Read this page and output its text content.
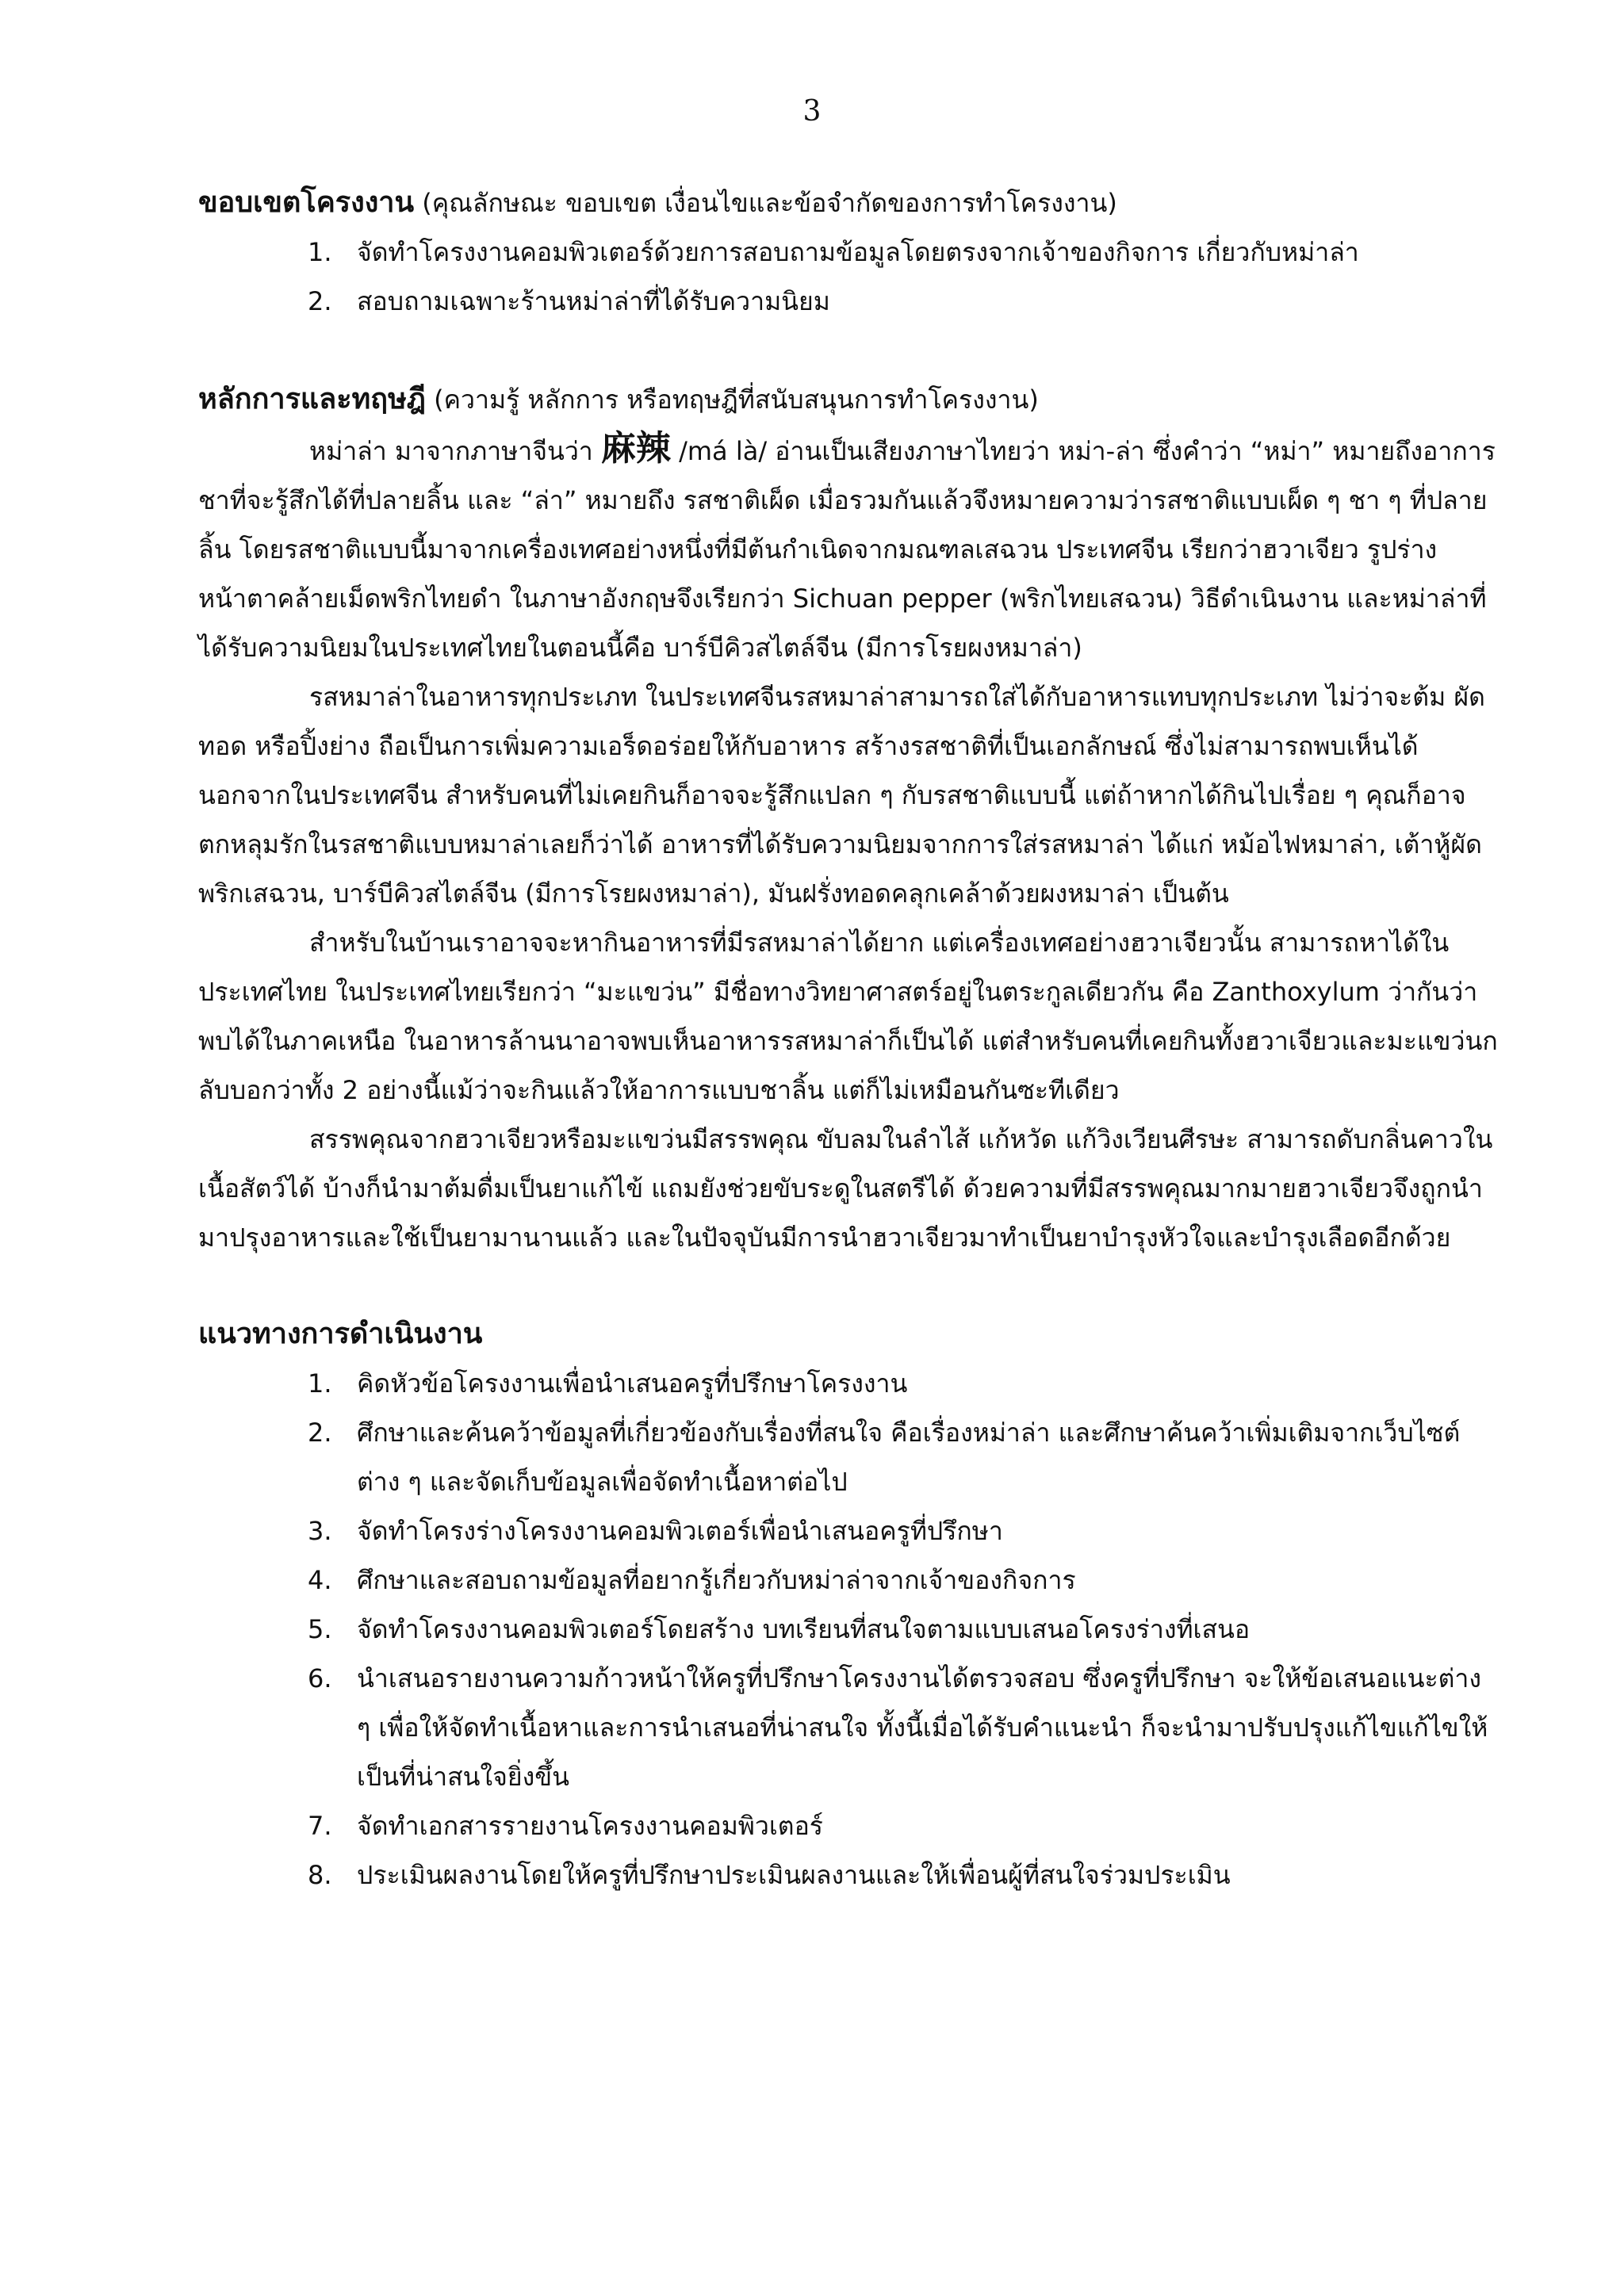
3

ขอบเขตโครงงาน (คุณลักษณะ ขอบเขต เงื่อนไขและข้อจำกัดของการทำโครงงาน)

1. จัดทำโครงงานคอมพิวเตอร์ด้วยการสอบถามข้อมูลโดยตรงจากเจ้าของกิจการ เกี่ยวกับหม่าล่า
2. สอบถามเฉพาะร้านหม่าล่าที่ได้รับความนิยม

หลักการและทฤษฎี (ความรู้ หลักการ หรือทฤษฎีที่สนับสนุนการทำโครงงาน)

หม่าล่า มาจากภาษาจีนว่า 麻辣 /má là/ อ่านเป็นเสียงภาษาไทยว่า หม่า-ล่า ซึ่งคำว่า “หม่า” หมายถึงอาการชาที่จะรู้สึกได้ที่ปลายลิ้น และ “ล่า” หมายถึง รสชาติเผ็ด เมื่อรวมกันแล้วจึงหมายความว่ารสชาติแบบเผ็ด ๆ ชา ๆ ที่ปลายลิ้น โดยรสชาติแบบนี้มาจากเครื่องเทศอย่างหนึ่งที่มีต้นกำเนิดจากมณฑลเสฉวน ประเทศจีน เรียกว่าฮวาเจียว รูปร่างหน้าตาคล้ายเม็ดพริกไทยดำ ในภาษาอังกฤษจึงเรียกว่า Sichuan pepper (พริกไทยเสฉวน) วิธีดำเนินงาน และหม่าล่าที่ได้รับความนิยมในประเทศไทยในตอนนี้คือ บาร์บีคิวสไตล์จีน (มีการโรยผงหมาล่า)

รสหมาล่าในอาหารทุกประเภท ในประเทศจีนรสหมาล่าสามารถใส่ได้กับอาหารแทบทุกประเภท ไม่ว่าจะต้ม ผัด ทอด หรือปิ้งย่าง ถือเป็นการเพิ่มความเอร็ดอร่อยให้กับอาหาร สร้างรสชาติที่เป็นเอกลักษณ์ ซึ่งไม่สามารถพบเห็นได้นอกจากในประเทศจีน สำหรับคนที่ไม่เคยกินก็อาจจะรู้สึกแปลก ๆ กับรสชาติแบบนี้ แต่ถ้าหากได้กินไปเรื่อย ๆ คุณก็อาจตกหลุมรักในรสชาติแบบหมาล่าเลยก็ว่าได้ อาหารที่ได้รับความนิยมจากการใส่รสหมาล่า ได้แก่ หม้อไฟหมาล่า, เต้าหู้ผัดพริกเสฉวน, บาร์บีคิวสไตล์จีน (มีการโรยผงหมาล่า), มันฝรั่งทอดคลุกเคล้าด้วยผงหมาล่า เป็นต้น

สำหรับในบ้านเราอาจจะหากินอาหารที่มีรสหมาล่าได้ยาก แต่เครื่องเทศอย่างฮวาเจียวนั้น สามารถหาได้ในประเทศไทย ในประเทศไทยเรียกว่า “มะแขว่น” มีชื่อทางวิทยาศาสตร์อยู่ในตระกูลเดียวกัน คือ Zanthoxylum ว่ากันว่าพบได้ในภาคเหนือ ในอาหารล้านนาอาจพบเห็นอาหารรสหมาล่าก็เป็นได้ แต่สำหรับคนที่เคยกินทั้งฮวาเจียวและมะแขว่นกลับบอกว่าทั้ง 2 อย่างนี้แม้ว่าจะกินแล้วให้อาการแบบชาลิ้น แต่ก็ไม่เหมือนกันซะทีเดียว

สรรพคุณจากฮวาเจียวหรือมะแขว่นมีสรรพคุณ ขับลมในลำไส้ แก้หวัด แก้วิงเวียนศีรษะ สามารถดับกลิ่นคาวในเนื้อสัตว์ได้ บ้างก็นำมาต้มดื่มเป็นยาแก้ไข้ แถมยังช่วยขับระดูในสตรีได้ ด้วยความที่มีสรรพคุณมากมายฮวาเจียวจึงถูกนำมาปรุงอาหารและใช้เป็นยามานานแล้ว และในปัจจุบันมีการนำฮวาเจียวมาทำเป็นยาบำรุงหัวใจและบำรุงเลือดอีกด้วย

แนวทางการดำเนินงาน

1. คิดหัวข้อโครงงานเพื่อนำเสนอครูที่ปรึกษาโครงงาน
2. ศึกษาและค้นคว้าข้อมูลที่เกี่ยวข้องกับเรื่องที่สนใจ คือเรื่องหม่าล่า และศึกษาค้นคว้าเพิ่มเติมจากเว็บไซต์ต่าง ๆ และจัดเก็บข้อมูลเพื่อจัดทำเนื้อหาต่อไป
3. จัดทำโครงร่างโครงงานคอมพิวเตอร์เพื่อนำเสนอครูที่ปรึกษา
4. ศึกษาและสอบถามข้อมูลที่อยากรู้เกี่ยวกับหม่าล่าจากเจ้าของกิจการ
5. จัดทำโครงงานคอมพิวเตอร์โดยสร้าง บทเรียนที่สนใจตามแบบเสนอโครงร่างที่เสนอ
6. นำเสนอรายงานความก้าวหน้าให้ครูที่ปรึกษาโครงงานได้ตรวจสอบ ซึ่งครูที่ปรึกษา จะให้ข้อเสนอแนะต่าง ๆ เพื่อให้จัดทำเนื้อหาและการนำเสนอที่น่าสนใจ ทั้งนี้เมื่อได้รับคำแนะนำ ก็จะนำมาปรับปรุงแก้ไขแก้ไขให้เป็นที่น่าสนใจยิ่งขึ้น
7. จัดทำเอกสารรายงานโครงงานคอมพิวเตอร์
8. ประเมินผลงานโดยให้ครูที่ปรึกษาประเมินผลงานและให้เพื่อนผู้ที่สนใจร่วมประเมิน
